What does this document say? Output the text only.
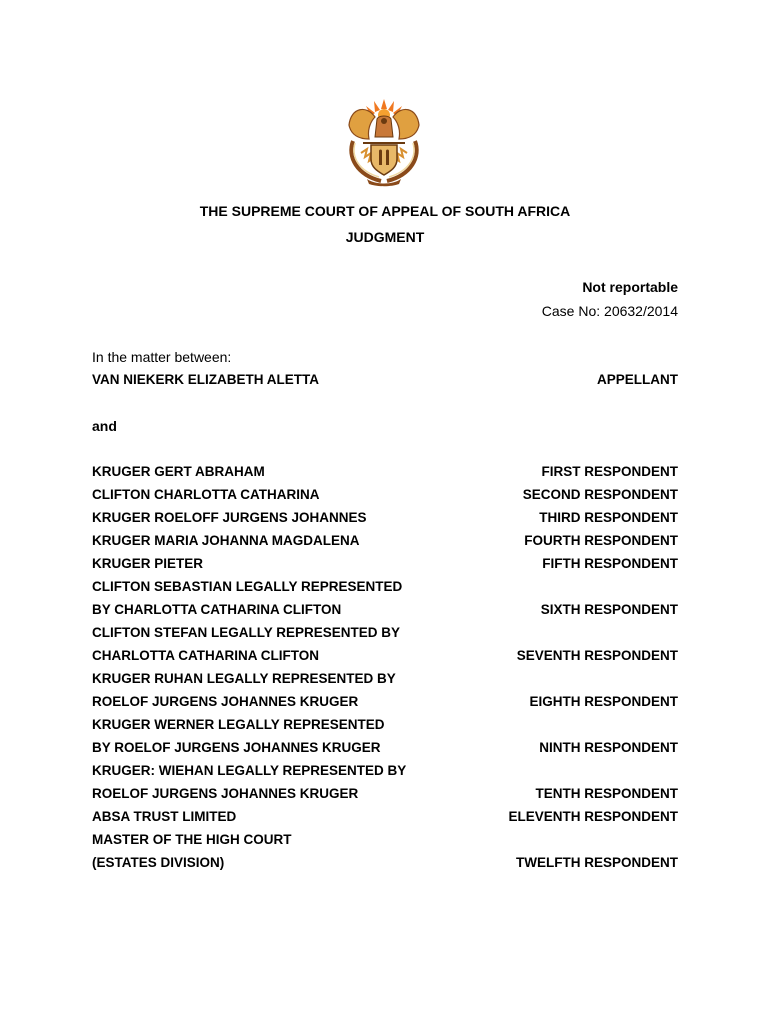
THE SUPREME COURT OF APPEAL OF SOUTH AFRICA
JUDGMENT
Not reportable
Case No: 20632/2014
In the matter between:
VAN NIEKERK ELIZABETH ALETTA	APPELLANT
and
KRUGER GERT ABRAHAM	FIRST RESPONDENT
CLIFTON CHARLOTTA CATHARINA	SECOND RESPONDENT
KRUGER ROELOFF JURGENS JOHANNES	THIRD RESPONDENT
KRUGER MARIA JOHANNA MAGDALENA	FOURTH RESPONDENT
KRUGER PIETER	FIFTH RESPONDENT
CLIFTON SEBASTIAN LEGALLY REPRESENTED
BY CHARLOTTA CATHARINA CLIFTON	SIXTH RESPONDENT
CLIFTON STEFAN LEGALLY REPRESENTED BY
CHARLOTTA CATHARINA CLIFTON	SEVENTH RESPONDENT
KRUGER RUHAN LEGALLY REPRESENTED BY
ROELOF JURGENS JOHANNES KRUGER	EIGHTH RESPONDENT
KRUGER WERNER LEGALLY REPRESENTED
BY ROELOF JURGENS JOHANNES KRUGER	NINTH RESPONDENT
KRUGER: WIEHAN LEGALLY REPRESENTED BY
ROELOF JURGENS JOHANNES KRUGER	TENTH RESPONDENT
ABSA TRUST LIMITED	ELEVENTH RESPONDENT
MASTER OF THE HIGH COURT
(ESTATES DIVISION)	TWELFTH RESPONDENT
